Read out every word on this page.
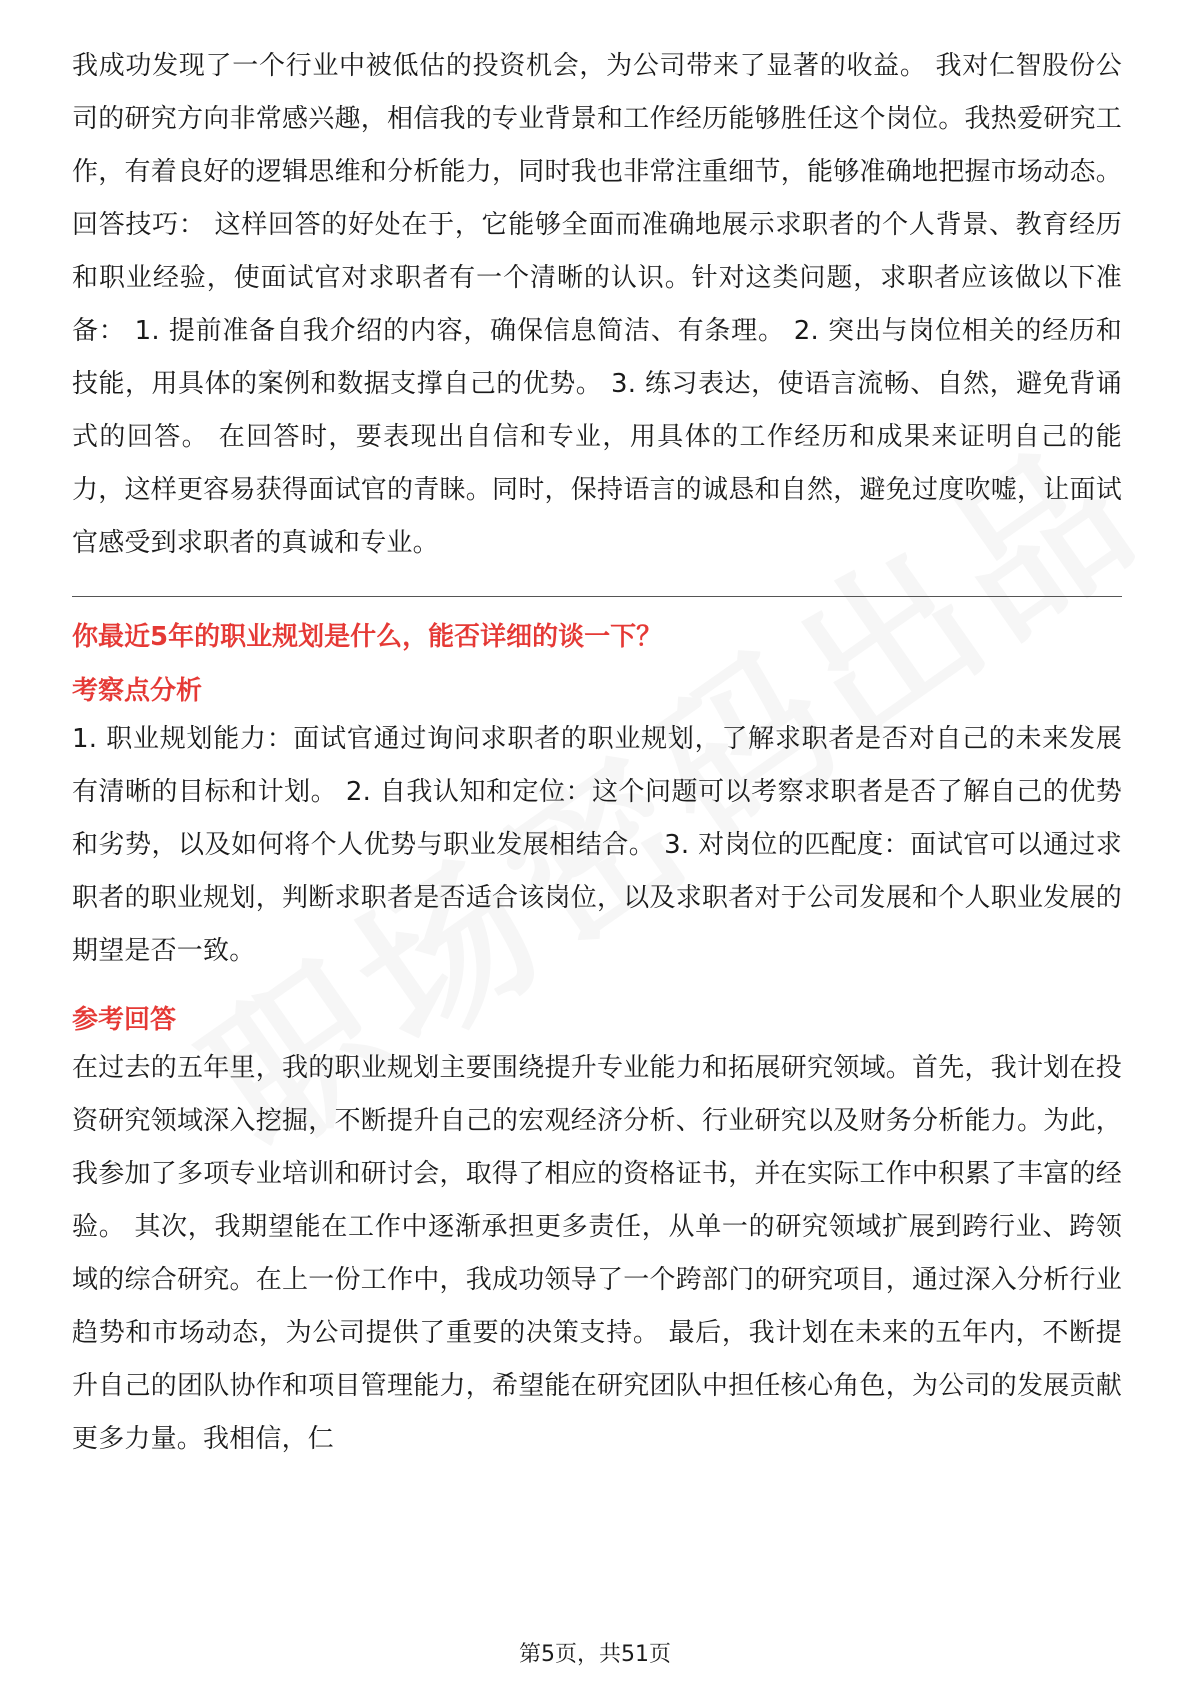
我成功发现了一个行业中被低估的投资机会，为公司带来了显著的收益。 我对仁智股份公司的研究方向非常感兴趣，相信我的专业背景和工作经历能够胜任这个岗位。我热爱研究工作，有着良好的逻辑思维和分析能力，同时我也非常注重细节，能够准确地把握市场动态。 回答技巧： 这样回答的好处在于，它能够全面而准确地展示求职者的个人背景、教育经历和职业经验，使面试官对求职者有一个清晰的认识。针对这类问题，求职者应该做以下准备： 1. 提前准备自我介绍的内容，确保信息简洁、有条理。 2. 突出与岗位相关的经历和技能，用具体的案例和数据支撑自己的优势。 3. 练习表达，使语言流畅、自然，避免背诵式的回答。 在回答时，要表现出自信和专业，用具体的工作经历和成果来证明自己的能力，这样更容易获得面试官的青睐。同时，保持语言的诚恳和自然，避免过度吹嘘，让面试官感受到求职者的真诚和专业。

你最近5年的职业规划是什么，能否详细的谈一下？
考察点分析

1. 职业规划能力：面试官通过询问求职者的职业规划，了解求职者是否对自己的未来发展有清晰的目标和计划。 2. 自我认知和定位：这个问题可以考察求职者是否了解自己的优势和劣势，以及如何将个人优势与职业发展相结合。 3. 对岗位的匹配度：面试官可以通过求职者的职业规划，判断求职者是否适合该岗位，以及求职者对于公司发展和个人职业发展的期望是否一致。

参考回答

在过去的五年里，我的职业规划主要围绕提升专业能力和拓展研究领域。首先，我计划在投资研究领域深入挖掘，不断提升自己的宏观经济分析、行业研究以及财务分析能力。为此，我参加了多项专业培训和研讨会，取得了相应的资格证书，并在实际工作中积累了丰富的经验。 其次，我期望能在工作中逐渐承担更多责任，从单一的研究领域扩展到跨行业、跨领域的综合研究。在上一份工作中，我成功领导了一个跨部门的研究项目，通过深入分析行业趋势和市场动态，为公司提供了重要的决策支持。 最后，我计划在未来的五年内，不断提升自己的团队协作和项目管理能力，希望能在研究团队中担任核心角色，为公司的发展贡献更多力量。我相信，仁

第5页，共51页
